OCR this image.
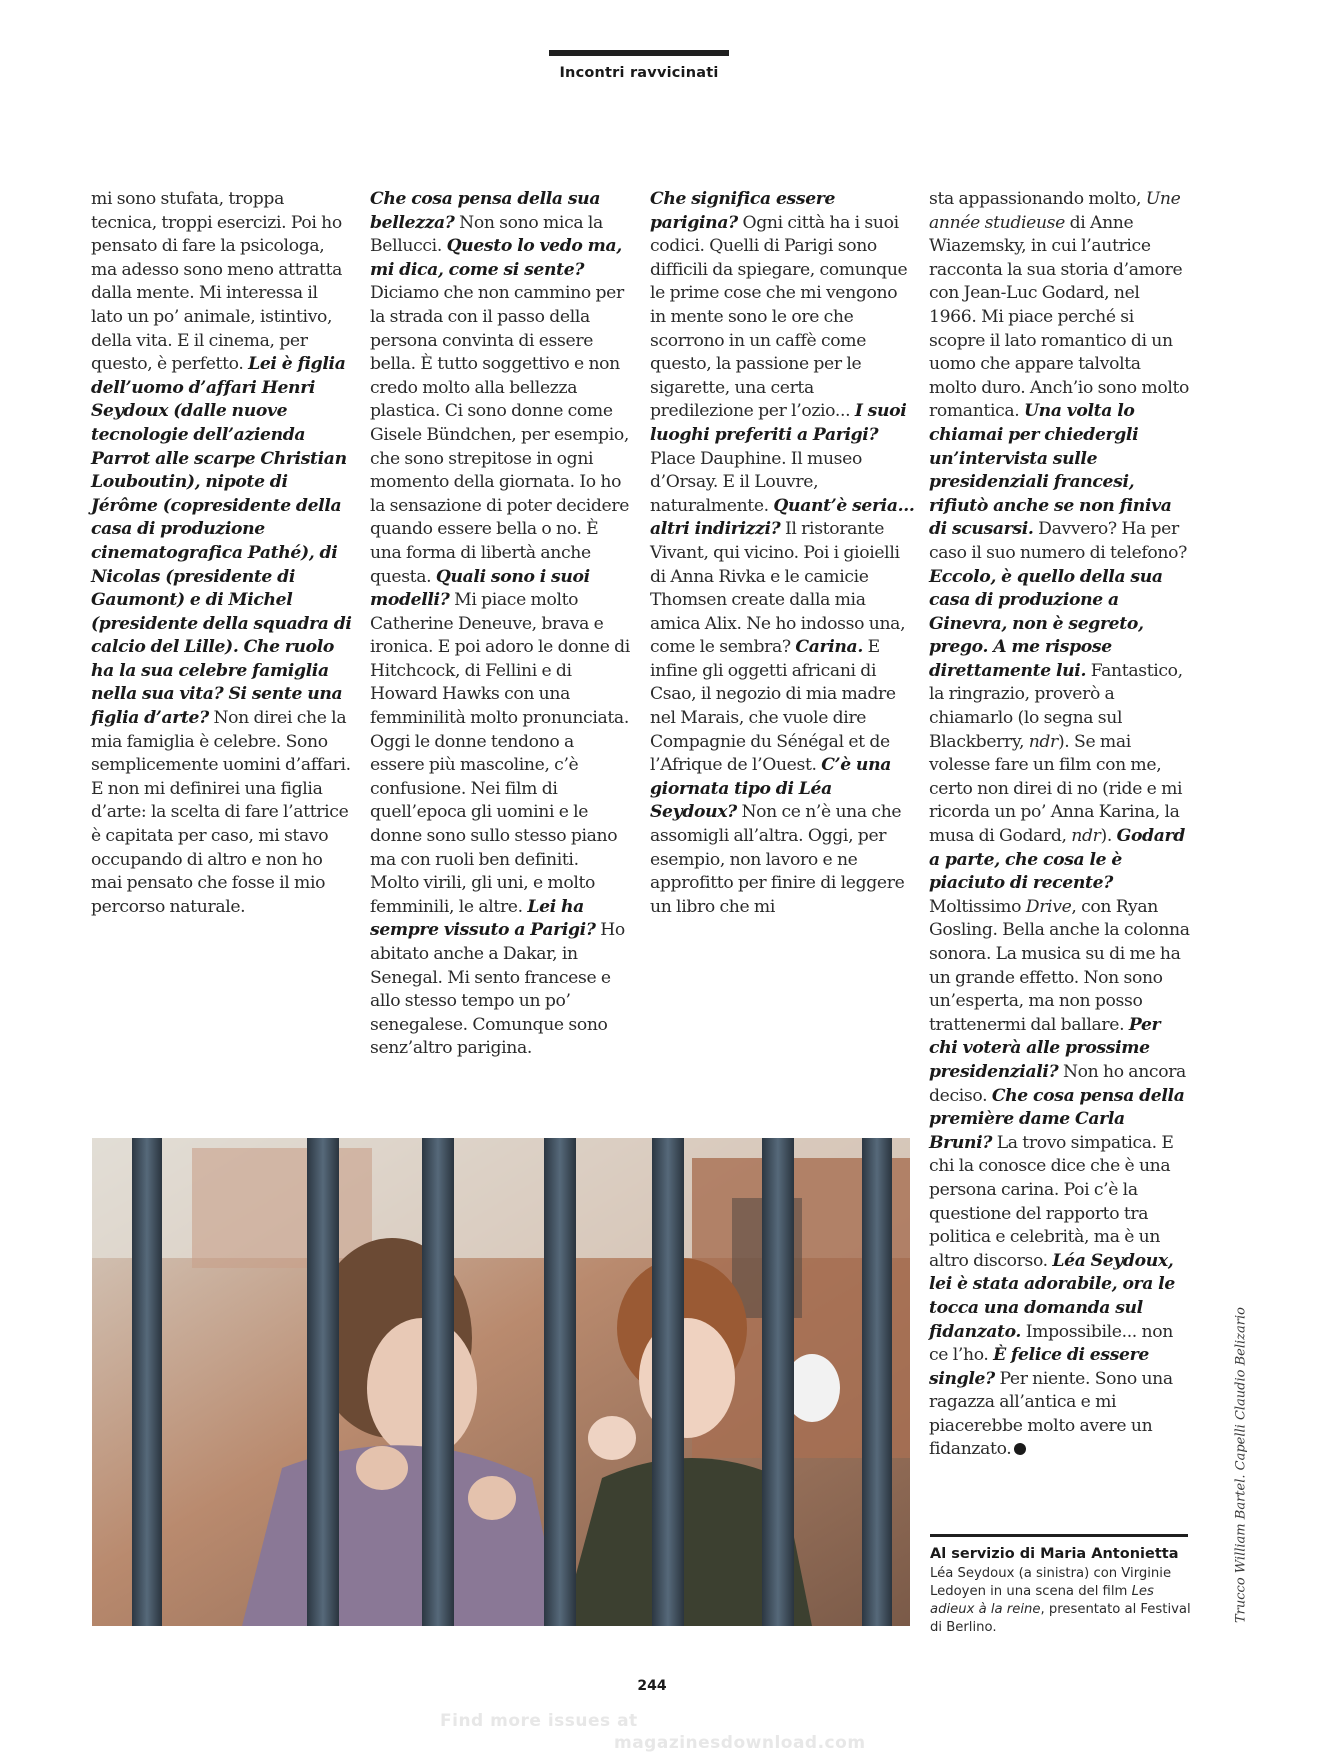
Incontri ravvicinati

mi sono stufata, troppa tecnica, troppi esercizi. Poi ho pensato di fare la psicologa, ma adesso sono meno attratta dalla mente. Mi interessa il lato un po’ animale, istintivo, della vita. E il cinema, per questo, è perfetto. Lei è figlia dell’uomo d’affari Henri Seydoux (dalle nuove tecnologie dell’azienda Parrot alle scarpe Christian Louboutin), nipote di Jérôme (copresidente della casa di produzione cinematografica Pathé), di Nicolas (presidente di Gaumont) e di Michel (presidente della squadra di calcio del Lille). Che ruolo ha la sua celebre famiglia nella sua vita? Si sente una figlia d’arte? Non direi che la mia famiglia è celebre. Sono semplicemente uomini d’affari. E non mi definirei una figlia d’arte: la scelta di fare l’attrice è capitata per caso, mi stavo occupando di altro e non ho mai pensato che fosse il mio percorso naturale.

Che cosa pensa della sua bellezza? Non sono mica la Bellucci. Questo lo vedo ma, mi dica, come si sente? Diciamo che non cammino per la strada con il passo della persona convinta di essere bella. È tutto soggettivo e non credo molto alla bellezza plastica. Ci sono donne come Gisele Bündchen, per esempio, che sono strepitose in ogni momento della giornata. Io ho la sensazione di poter decidere quando essere bella o no. È una forma di libertà anche questa. Quali sono i suoi modelli? Mi piace molto Catherine Deneuve, brava e ironica. E poi adoro le donne di Hitchcock, di Fellini e di Howard Hawks con una femminilità molto pronunciata. Oggi le donne tendono a essere più mascoline, c’è confusione. Nei film di quell’epoca gli uomini e le donne sono sullo stesso piano ma con ruoli ben definiti. Molto virili, gli uni, e molto femminili, le altre. Lei ha sempre vissuto a Parigi? Ho abitato anche a Dakar, in Senegal. Mi sento francese e allo stesso tempo un po’ senegalese. Comunque sono senz’altro parigina.

Che significa essere parigina? Ogni città ha i suoi codici. Quelli di Parigi sono difficili da spiegare, comunque le prime cose che mi vengono in mente sono le ore che scorrono in un caffè come questo, la passione per le sigarette, una certa predilezione per l’ozio... I suoi luoghi preferiti a Parigi? Place Dauphine. Il museo d’Orsay. E il Louvre, naturalmente. Quant’è seria... altri indirizzi? Il ristorante Vivant, qui vicino. Poi i gioielli di Anna Rivka e le camicie Thomsen create dalla mia amica Alix. Ne ho indosso una, come le sembra? Carina. E infine gli oggetti africani di Csao, il negozio di mia madre nel Marais, che vuole dire Compagnie du Sénégal et de l’Afrique de l’Ouest. C’è una giornata tipo di Léa Seydoux? Non ce n’è una che assomigli all’altra. Oggi, per esempio, non lavoro e ne approfitto per finire di leggere un libro che mi

sta appassionando molto, Une année studieuse di Anne Wiazemsky, in cui l’autrice racconta la sua storia d’amore con Jean-Luc Godard, nel 1966. Mi piace perché si scopre il lato romantico di un uomo che appare talvolta molto duro. Anch’io sono molto romantica. Una volta lo chiamai per chiedergli un’intervista sulle presidenziali francesi, rifiutò anche se non finiva di scusarsi. Davvero? Ha per caso il suo numero di telefono? Eccolo, è quello della sua casa di produzione a Ginevra, non è segreto, prego. A me rispose direttamente lui. Fantastico, la ringrazio, proverò a chiamarlo (lo segna sul Blackberry, ndr). Se mai volesse fare un film con me, certo non direi di no (ride e mi ricorda un po’ Anna Karina, la musa di Godard, ndr). Godard a parte, che cosa le è piaciuto di recente? Moltissimo Drive, con Ryan Gosling. Bella anche la colonna sonora. La musica su di me ha un grande effetto. Non sono un’esperta, ma non posso trattenermi dal ballare. Per chi voterà alle prossime presidenziali? Non ho ancora deciso. Che cosa pensa della première dame Carla Bruni? La trovo simpatica. E chi la conosce dice che è una persona carina. Poi c’è la questione del rapporto tra politica e celebrità, ma è un altro discorso. Léa Seydoux, lei è stata adorabile, ora le tocca una domanda sul fidanzato. Impossibile... non ce l’ho. È felice di essere single? Per niente. Sono una ragazza all’antica e mi piacerebbe molto avere un fidanzato.

Al servizio di Maria Antonietta
Léa Seydoux (a sinistra) con Virginie Ledoyen in una scena del film Les adieux à la reine, presentato al Festival di Berlino.
Trucco William Bartel. Capelli Claudio Belizario
244
Find more issues at
magazinesdownload.com
